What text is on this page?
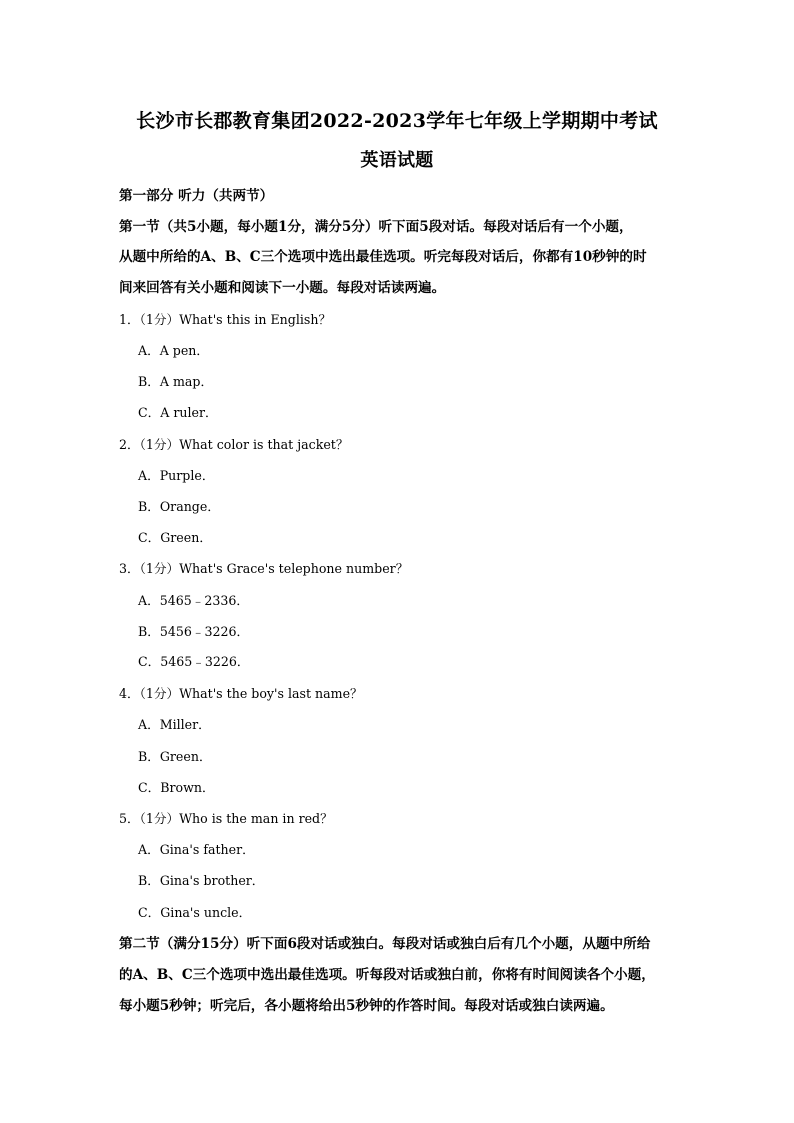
长沙市长郡教育集团2022-2023学年七年级上学期期中考试
英语试题
第一部分 听力（共两节）
第一节（共5小题，每小题1分，满分5分）听下面5段对话。每段对话后有一个小题，
从题中所给的A、B、C三个选项中选出最佳选项。听完每段对话后，你都有10秒钟的时
间来回答有关小题和阅读下一小题。每段对话读两遍。
1．（1分）What's this in English？
A．A pen．
B．A map．
C．A ruler．
2．（1分）What color is that jacket？
A．Purple．
B．Orange．
C．Green．
3．（1分）What's Grace's telephone number？
A．5465﹣2336．
B．5456﹣3226．
C．5465﹣3226．
4．（1分）What's the boy's last name？
A．Miller．
B．Green．
C．Brown．
5．（1分）Who is the man in red？
A．Gina's father．
B．Gina's brother．
C．Gina's uncle．
第二节（满分15分）听下面6段对话或独白。每段对话或独白后有几个小题，从题中所给
的A、B、C三个选项中选出最佳选项。听每段对话或独白前，你将有时间阅读各个小题，
每小题5秒钟；听完后，各小题将给出5秒钟的作答时间。每段对话或独白读两遍。
